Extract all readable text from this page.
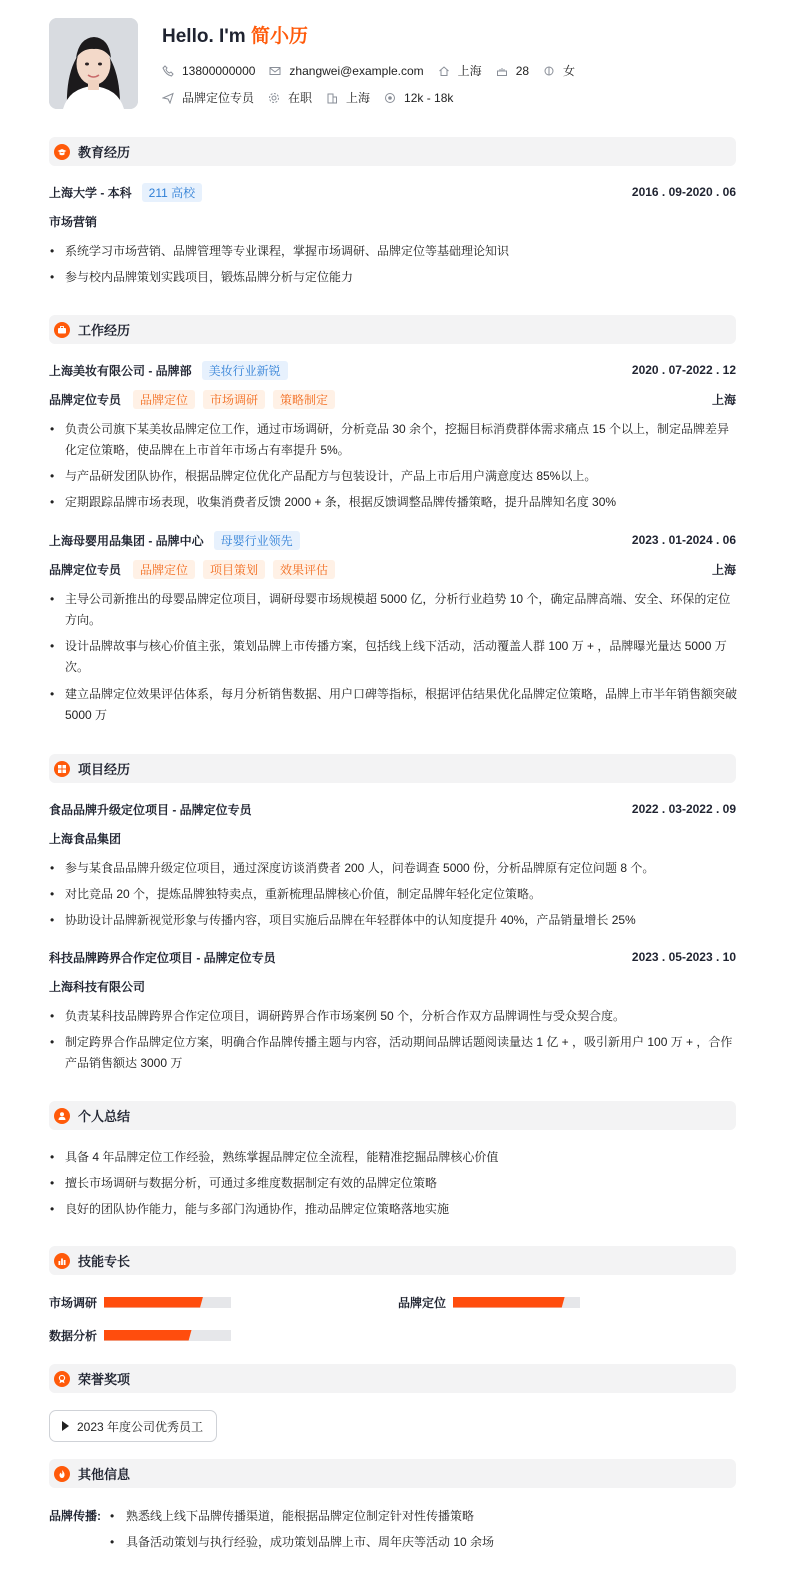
Hello. I'm 简小历
13800000000	zhangwei@example.com	上海	28	女
品牌定位专员	在职	上海	12k - 18k
教育经历
上海大学 - 本科	211 高校	2016 . 09-2020 . 06
市场营销
• 系统学习市场营销、品牌管理等专业课程，掌握市场调研、品牌定位等基础理论知识
• 参与校内品牌策划实践项目，锻炼品牌分析与定位能力
工作经历
上海美妆有限公司 - 品牌部	美妆行业新锐	2020 . 07-2022 . 12
品牌定位专员	品牌定位	市场调研	策略制定	上海
• 负责公司旗下某美妆品牌定位工作，通过市场调研，分析竞品 30 余个，挖掘目标消费群体需求痛点 15 个以上，制定品牌差异化定位策略，使品牌在上市首年市场占有率提升 5%。
• 与产品研发团队协作，根据品牌定位优化产品配方与包装设计，产品上市后用户满意度达 85%以上。
• 定期跟踪品牌市场表现，收集消费者反馈 2000 + 条，根据反馈调整品牌传播策略，提升品牌知名度 30%
上海母婴用品集团 - 品牌中心	母婴行业领先	2023 . 01-2024 . 06
品牌定位专员	品牌定位	项目策划	效果评估	上海
• 主导公司新推出的母婴品牌定位项目，调研母婴市场规模超 5000 亿，分析行业趋势 10 个，确定品牌高端、安全、环保的定位方向。
• 设计品牌故事与核心价值主张，策划品牌上市传播方案，包括线上线下活动，活动覆盖人群 100 万 + ，品牌曝光量达 5000 万次。
• 建立品牌定位效果评估体系，每月分析销售数据、用户口碑等指标，根据评估结果优化品牌定位策略，品牌上市半年销售额突破 5000 万
项目经历
食品品牌升级定位项目 - 品牌定位专员	2022 . 03-2022 . 09
上海食品集团
• 参与某食品品牌升级定位项目，通过深度访谈消费者 200 人，问卷调查 5000 份，分析品牌原有定位问题 8 个。
• 对比竞品 20 个，提炼品牌独特卖点，重新梳理品牌核心价值，制定品牌年轻化定位策略。
• 协助设计品牌新视觉形象与传播内容，项目实施后品牌在年轻群体中的认知度提升 40%，产品销量增长 25%
科技品牌跨界合作定位项目 - 品牌定位专员	2023 . 05-2023 . 10
上海科技有限公司
• 负责某科技品牌跨界合作定位项目，调研跨界合作市场案例 50 个，分析合作双方品牌调性与受众契合度。
• 制定跨界合作品牌定位方案，明确合作品牌传播主题与内容，活动期间品牌话题阅读量达 1 亿 + ，吸引新用户 100 万 + ，合作产品销售额达 3000 万
个人总结
• 具备 4 年品牌定位工作经验，熟练掌握品牌定位全流程，能精准挖掘品牌核心价值
• 擅长市场调研与数据分析，可通过多维度数据制定有效的品牌定位策略
• 良好的团队协作能力，能与多部门沟通协作，推动品牌定位策略落地实施
技能专长
市场调研	品牌定位
数据分析
荣誉奖项
2023 年度公司优秀员工
其他信息
品牌传播:
•	熟悉线上线下品牌传播渠道，能根据品牌定位制定针对性传播策略
• 具备活动策划与执行经验，成功策划品牌上市、周年庆等活动 10 余场
